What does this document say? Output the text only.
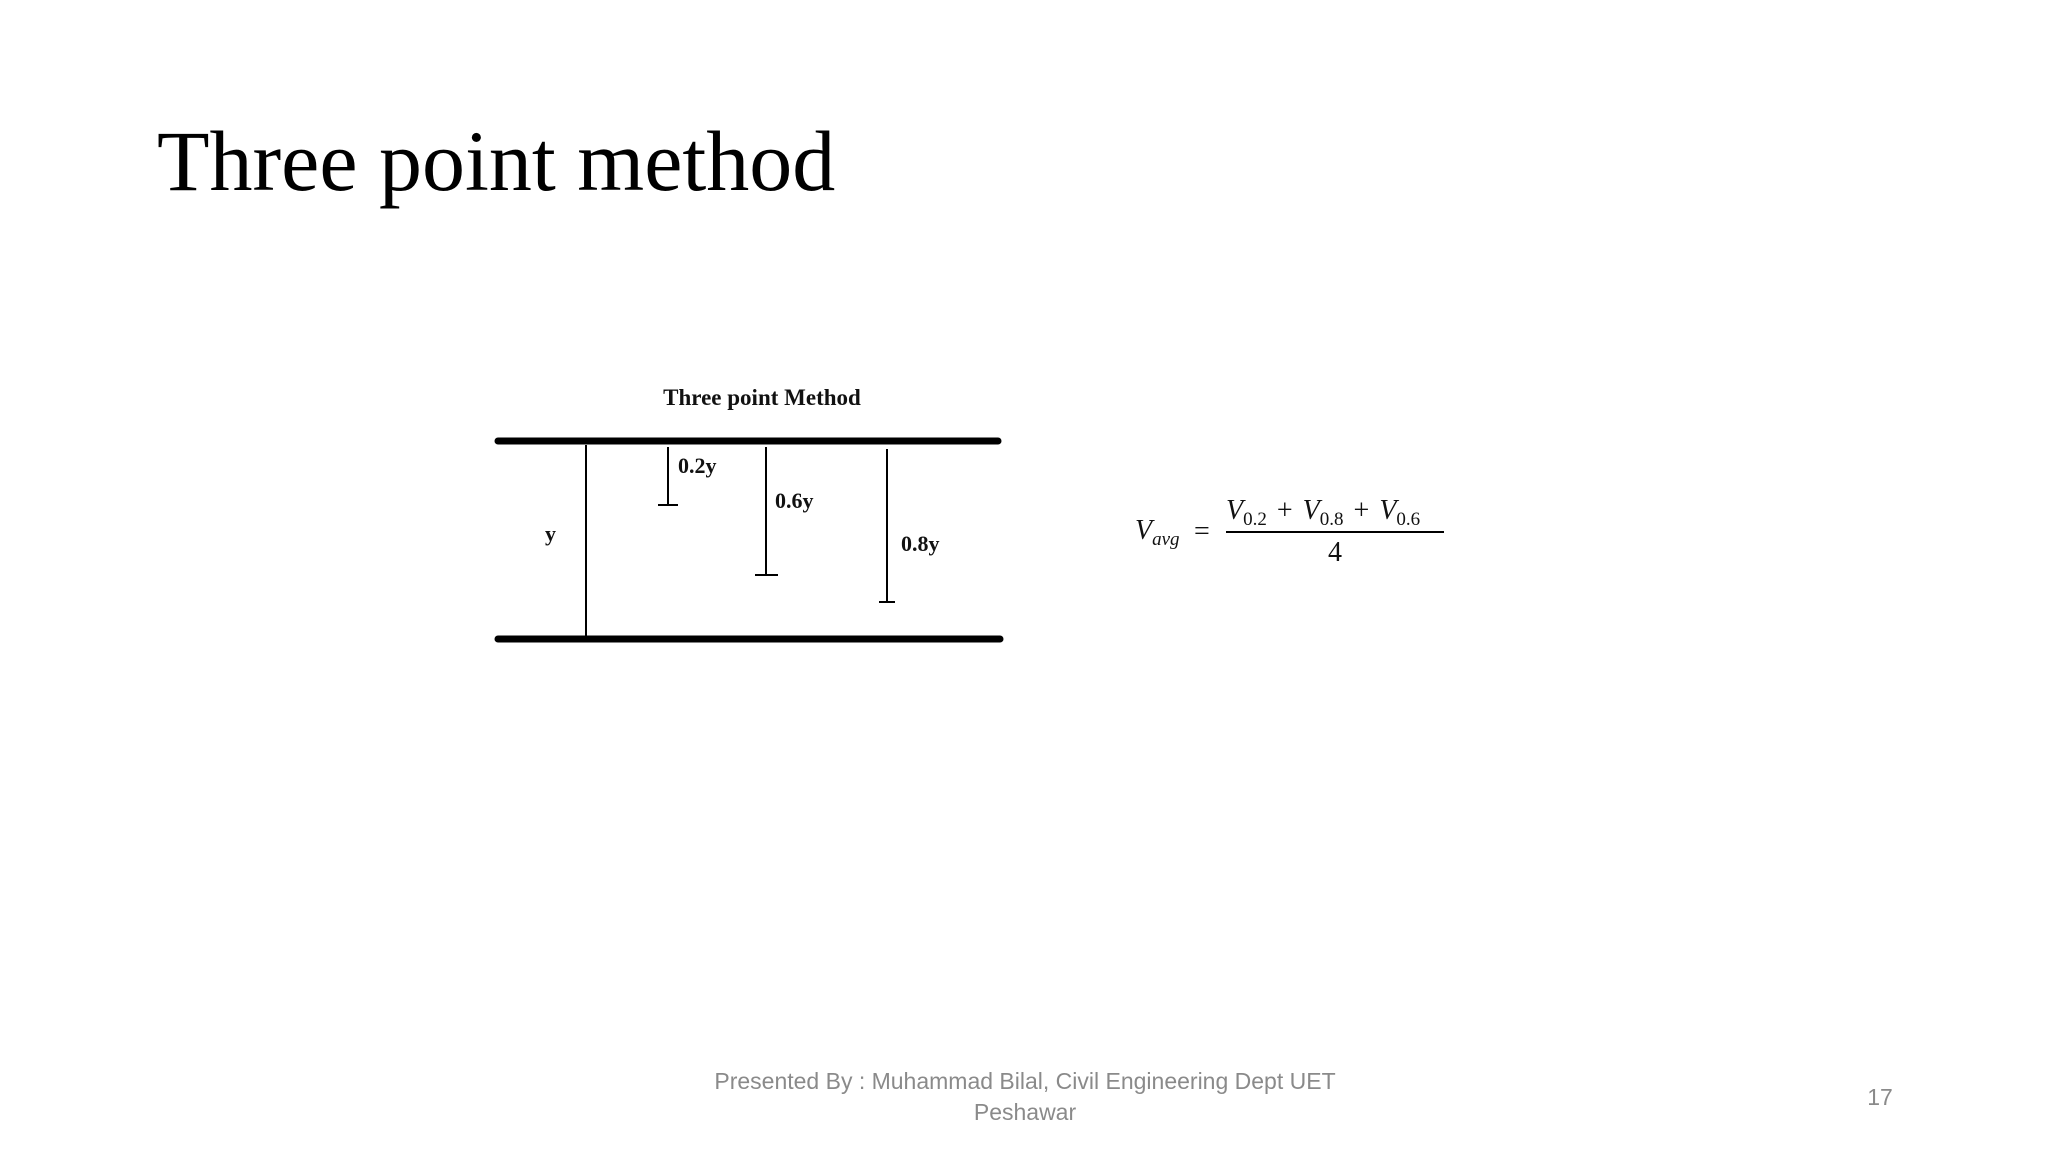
Three point method
Three point Method
y
0.2y
0.6y
0.8y	$V_{avg}$ =
$V_{0.2} + V_{0.8} + V_{0.6}$
4
Presented By : Muhammad Bilal, Civil Engineering Dept UET
Peshawar
17
